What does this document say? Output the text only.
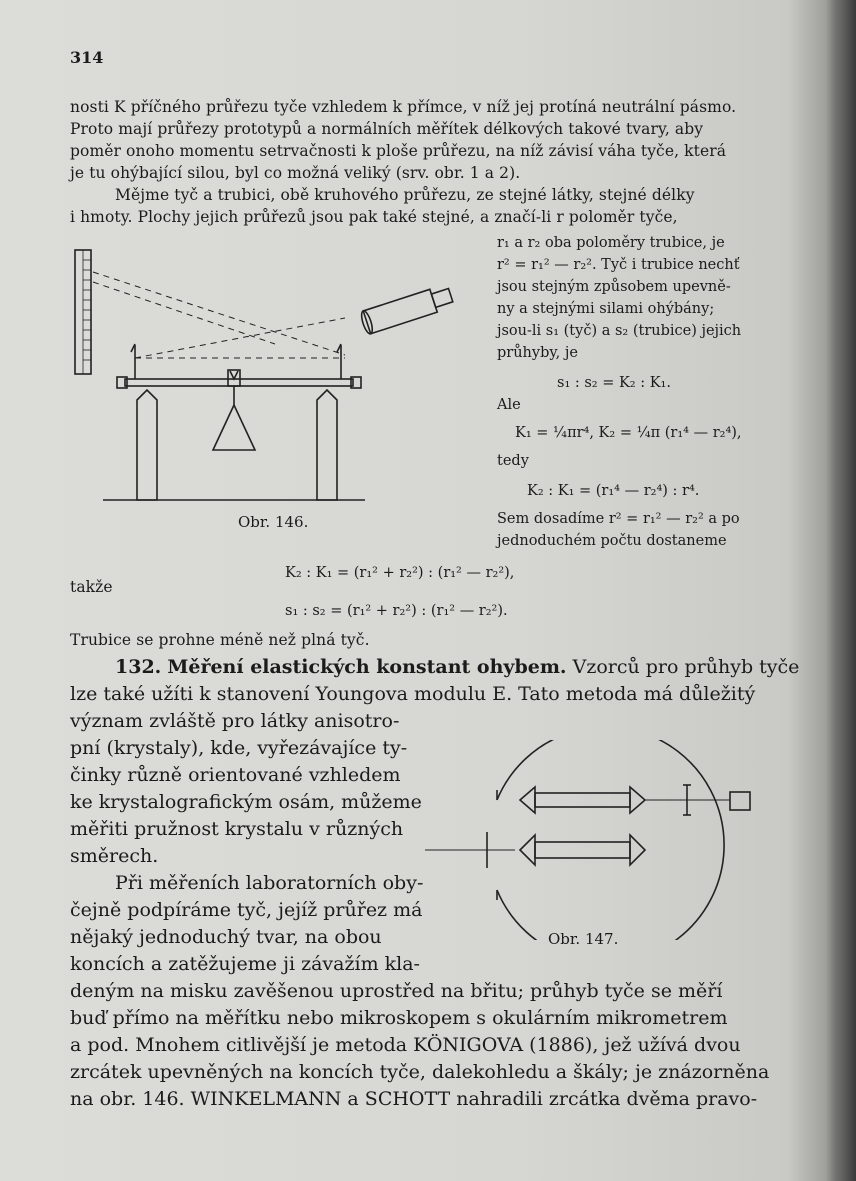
314
nosti K příčného průřezu tyče vzhledem k přímce, v níž jej protíná neutrální pásmo.
Proto mají průřezy prototypů a normálních měřítek délkových takové tvary, aby
poměr onoho momentu setrvačnosti k ploše průřezu, na níž závisí váha tyče, která
je tu ohýbající silou, byl co možná veliký (srv. obr. 1 a 2).
Mějme tyč a trubici, obě kruhového průřezu, ze stejné látky, stejné délky
i hmoty. Plochy jejich průřezů jsou pak také stejné, a značí-li r poloměr tyče,
r₁ a r₂ oba poloměry trubice, je
r² = r₁² — r₂². Tyč i trubice nechť
jsou stejným způsobem upevně-
ny a stejnými silami ohýbány;
jsou-li s₁ (tyč) a s₂ (trubice) jejich
průhyby, je
s₁ : s₂ = K₂ : K₁.
Ale
K₁ = ¼πr⁴, K₂ = ¼π (r₁⁴ — r₂⁴),
tedy
K₂ : K₁ = (r₁⁴ — r₂⁴) : r⁴.
Sem dosadíme r² = r₁² — r₂² a po
jednoduchém počtu dostaneme
Obr. 146.
K₂ : K₁ = (r₁² + r₂²) : (r₁² — r₂²),
takže
s₁ : s₂ = (r₁² + r₂²) : (r₁² — r₂²).
Trubice se prohne méně než plná tyč.
132. Měření elastických konstant ohybem. Vzorců pro průhyb tyče
lze také užíti k stanovení Youngova modulu E. Tato metoda má důležitý
význam zvláště pro látky anisotro-
pní (krystaly), kde, vyřezávajíce ty-
činky různě orientované vzhledem
ke krystalografickým osám, můžeme
měřiti pružnost krystalu v různých
směrech.
Při měřeních laboratorních oby-
čejně podpíráme tyč, jejíž průřez má
nějaký jednoduchý tvar, na obou
koncích a zatěžujeme ji závažím kla-
Obr. 147.
deným na misku zavěšenou uprostřed na břitu; průhyb tyče se měří
buď přímo na měřítku nebo mikroskopem s okulárním mikrometrem
a pod. Mnohem citlivější je metoda KÖNIGOVA (1886), jež užívá dvou
zrcátek upevněných na koncích tyče, dalekohledu a škály; je znázorněna
na obr. 146. WINKELMANN a SCHOTT nahradili zrcátka dvěma pravo-
